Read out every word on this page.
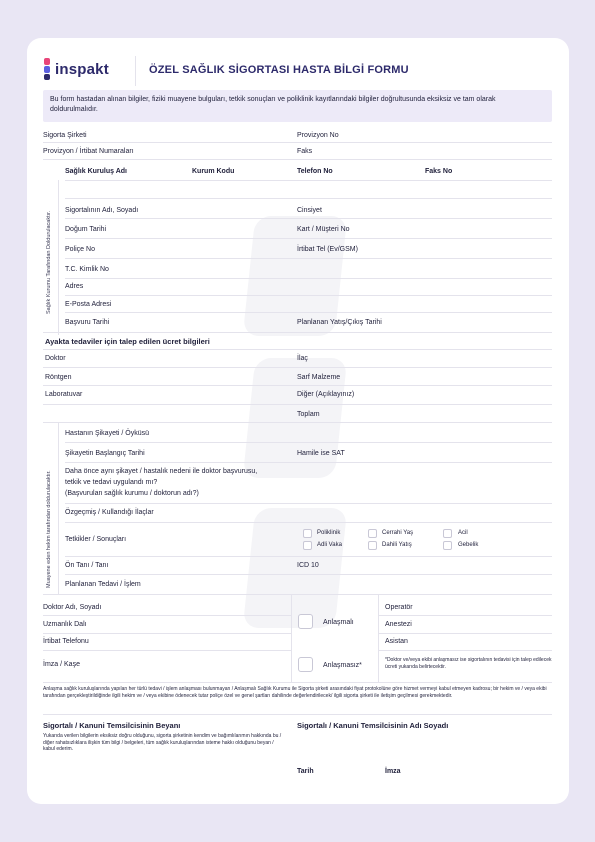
inspakt	ÖZEL SAĞLIK SİGORTASI HASTA BİLGİ FORMU
Bu form hastadan alınan bilgiler, fiziki muayene bulguları, tetkik sonuçları ve poliklinik kayıtlarındaki bilgiler doğrultusunda eksiksiz ve tam olarak doldurulmalıdır.
Sigorta Şirketi	Provizyon No
Provizyon / İrtibat Numaraları	Faks
Sağlık Kuruluş Adı	Kurum Kodu	Telefon No	Faks No
Sağlık Kurumu Tarafından Doldurulacaktır.
Sigortalının Adı, Soyadı	Cinsiyet
Doğum Tarihi	Kart / Müşteri No
Poliçe No	İrtibat Tel (Ev/GSM)
T.C. Kimlik No
Adres
E-Posta Adresi
Başvuru Tarihi	Planlanan Yatış/Çıkış Tarihi
Ayakta tedaviler için talep edilen ücret bilgileri
Doktor	İlaç
Röntgen	Sarf Malzeme
Laboratuvar	Diğer (Açıklayınız)
Toplam
Muayene eden hekim tarafından doldurulacaktır.
Hastanın Şikayeti / Öyküsü
Şikayetin Başlangıç Tarihi	Hamile ise SAT
Daha önce aynı şikayet / hastalık nedeni ile doktor başvurusu,
tetkik ve tedavi uygulandı mı?
(Başvurulan sağlık kurumu / doktorun adı?)
Özgeçmiş / Kullandığı İlaçlar
Tetkikler / Sonuçları
Poliklinik	Cerrahi Yaş	Acil
Adli Vaka	Dahili Yatış	Gebelik
Ön Tanı / Tanı	ICD 10
Planlanan Tedavi / İşlem
Doktor Adı, Soyadı
Uzmanlık Dalı
İrtibat Telefonu
İmza / Kaşe
Anlaşmalı
Anlaşmasız*
Operatör
Anestezi
Asistan
*Doktor ve/veya ekibi anlaşmasız ise sigortalının tedavisi için talep edilecek ücreti yukarıda belirtecektir.
Anlaşma sağlık kuruluşlarında yapılan her türlü tedavi / işlem anlaşması bulunmayan / Anlaşmalı Sağlık Kurumu ile Sigorta şirketi arasındaki fiyat protokolüne göre hizmet vermeyi kabul etmeyen kadrosu; bir hekim ve / veya ekibi tarafından gerçekleştirildiğinde ilgili hekim ve / veya ekibine ödenecek tutar poliçe özel ve genel şartları dahilinde değerlendirilecek/ ilgili sigorta şirketi ile iletişim geçilmesi gerekmektedir.
Sigortalı / Kanuni Temsilcisinin Beyanı
Yukarıda verilen bilgilerin eksiksiz doğru olduğunu, sigorta şirketinin kendim ve bağımlılarımın hakkında bu / diğer rahatsızlıklara ilişkin tüm bilgi / belgeleri, tüm sağlık kuruluşlarından isteme hakkı olduğunu beyan / kabul ederim.
Sigortalı / Kanuni Temsilcisinin Adı Soyadı
Tarih	İmza
